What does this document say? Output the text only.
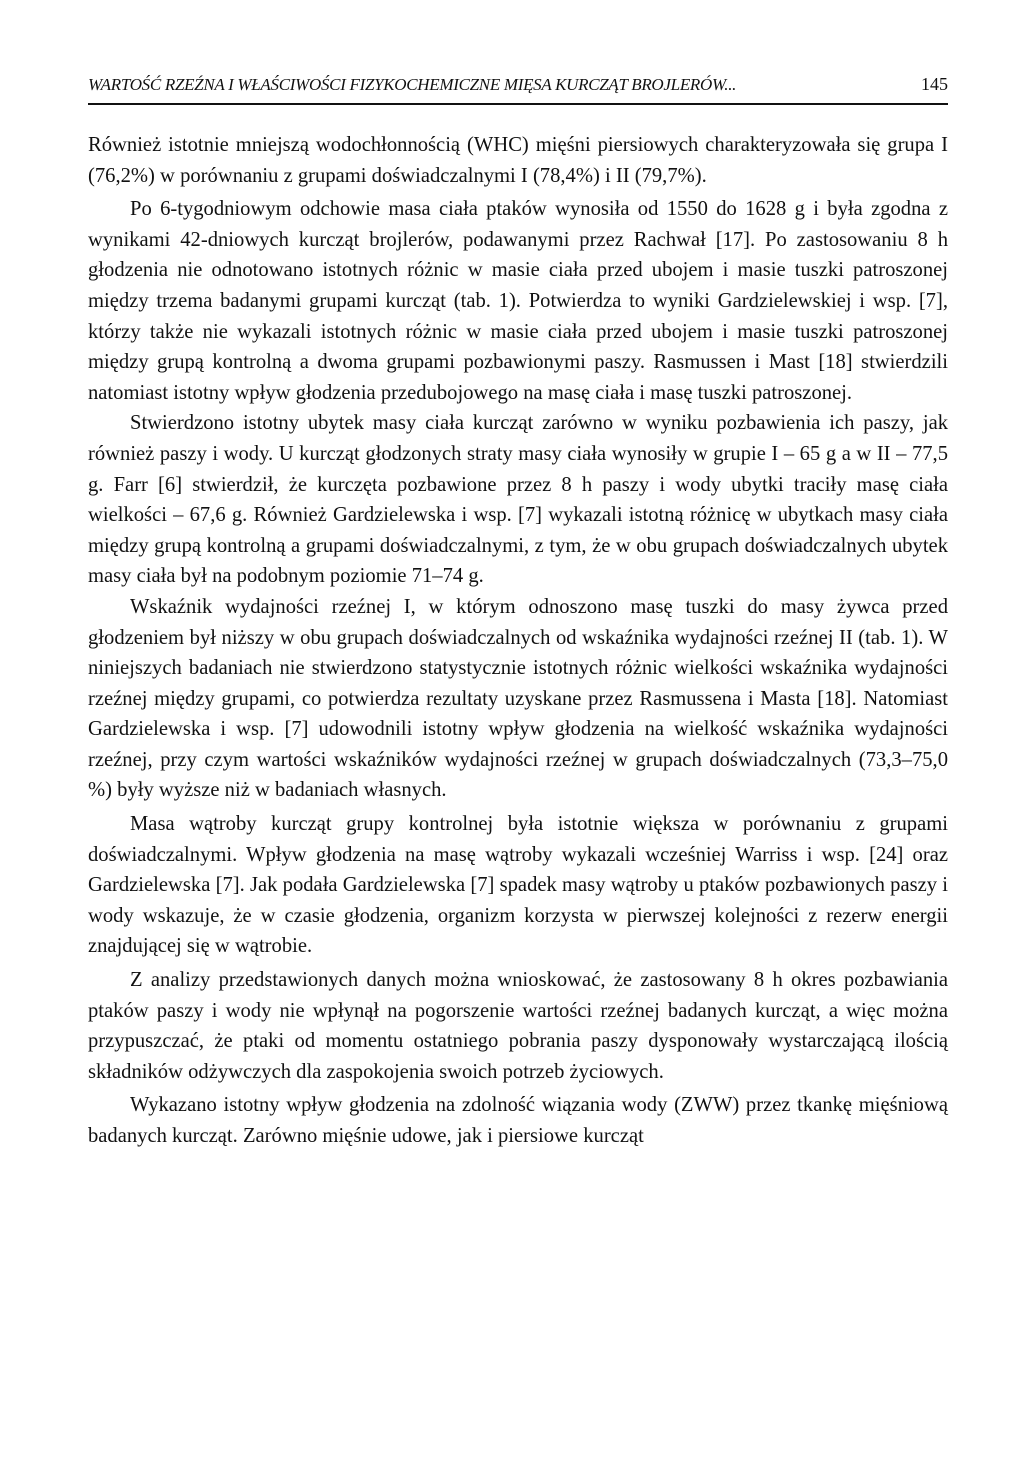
WARTOŚĆ RZEŹNA I WŁAŚCIWOŚCI FIZYKOCHEMICZNE MIĘSA KURCZĄT BROJLERÓW...	145

Również istotnie mniejszą wodochłonnością (WHC) mięśni piersiowych charakteryzowała się grupa I (76,2%) w porównaniu z grupami doświadczalnymi I (78,4%) i II (79,7%).

Po 6-tygodniowym odchowie masa ciała ptaków wynosiła od 1550 do 1628 g i była zgodna z wynikami 42-dniowych kurcząt brojlerów, podawanymi przez Rachwał [17]. Po zastosowaniu 8 h głodzenia nie odnotowano istotnych różnic w masie ciała przed ubojem i masie tuszki patroszonej między trzema badanymi grupami kurcząt (tab. 1). Potwierdza to wyniki Gardzielewskiej i wsp. [7], którzy także nie wykazali istotnych różnic w masie ciała przed ubojem i masie tuszki patroszonej między grupą kontrolną a dwoma grupami pozbawionymi paszy. Rasmussen i Mast [18] stwierdzili natomiast istotny wpływ głodzenia przedubojowego na masę ciała i masę tuszki patroszonej.

Stwierdzono istotny ubytek masy ciała kurcząt zarówno w wyniku pozbawienia ich paszy, jak również paszy i wody. U kurcząt głodzonych straty masy ciała wynosiły w grupie I – 65 g a w II – 77,5 g. Farr [6] stwierdził, że kurczęta pozbawione przez 8 h paszy i wody ubytki traciły masę ciała wielkości – 67,6 g. Również Gardzielewska i wsp. [7] wykazali istotną różnicę w ubytkach masy ciała między grupą kontrolną a grupami doświadczalnymi, z tym, że w obu grupach doświadczalnych ubytek masy ciała był na podobnym poziomie 71–74 g.

Wskaźnik wydajności rzeźnej I, w którym odnoszono masę tuszki do masy żywca przed głodzeniem był niższy w obu grupach doświadczalnych od wskaźnika wydajności rzeźnej II (tab. 1). W niniejszych badaniach nie stwierdzono statystycznie istotnych różnic wielkości wskaźnika wydajności rzeźnej między grupami, co potwierdza rezultaty uzyskane przez Rasmussena i Masta [18]. Natomiast Gardzielewska i wsp. [7] udowodnili istotny wpływ głodzenia na wielkość wskaźnika wydajności rzeźnej, przy czym wartości wskaźników wydajności rzeźnej w grupach doświadczalnych (73,3–75,0 %) były wyższe niż w badaniach własnych.

Masa wątroby kurcząt grupy kontrolnej była istotnie większa w porównaniu z grupami doświadczalnymi. Wpływ głodzenia na masę wątroby wykazali wcześniej Warriss i wsp. [24] oraz Gardzielewska [7]. Jak podała Gardzielewska [7] spadek masy wątroby u ptaków pozbawionych paszy i wody wskazuje, że w czasie głodzenia, organizm korzysta w pierwszej kolejności z rezerw energii znajdującej się w wątrobie.

Z analizy przedstawionych danych można wnioskować, że zastosowany 8 h okres pozbawiania ptaków paszy i wody nie wpłynął na pogorszenie wartości rzeźnej badanych kurcząt, a więc można przypuszczać, że ptaki od momentu ostatniego pobrania paszy dysponowały wystarczającą ilością składników odżywczych dla zaspokojenia swoich potrzeb życiowych.

Wykazano istotny wpływ głodzenia na zdolność wiązania wody (ZWW) przez tkankę mięśniową badanych kurcząt. Zarówno mięśnie udowe, jak i piersiowe kurcząt
